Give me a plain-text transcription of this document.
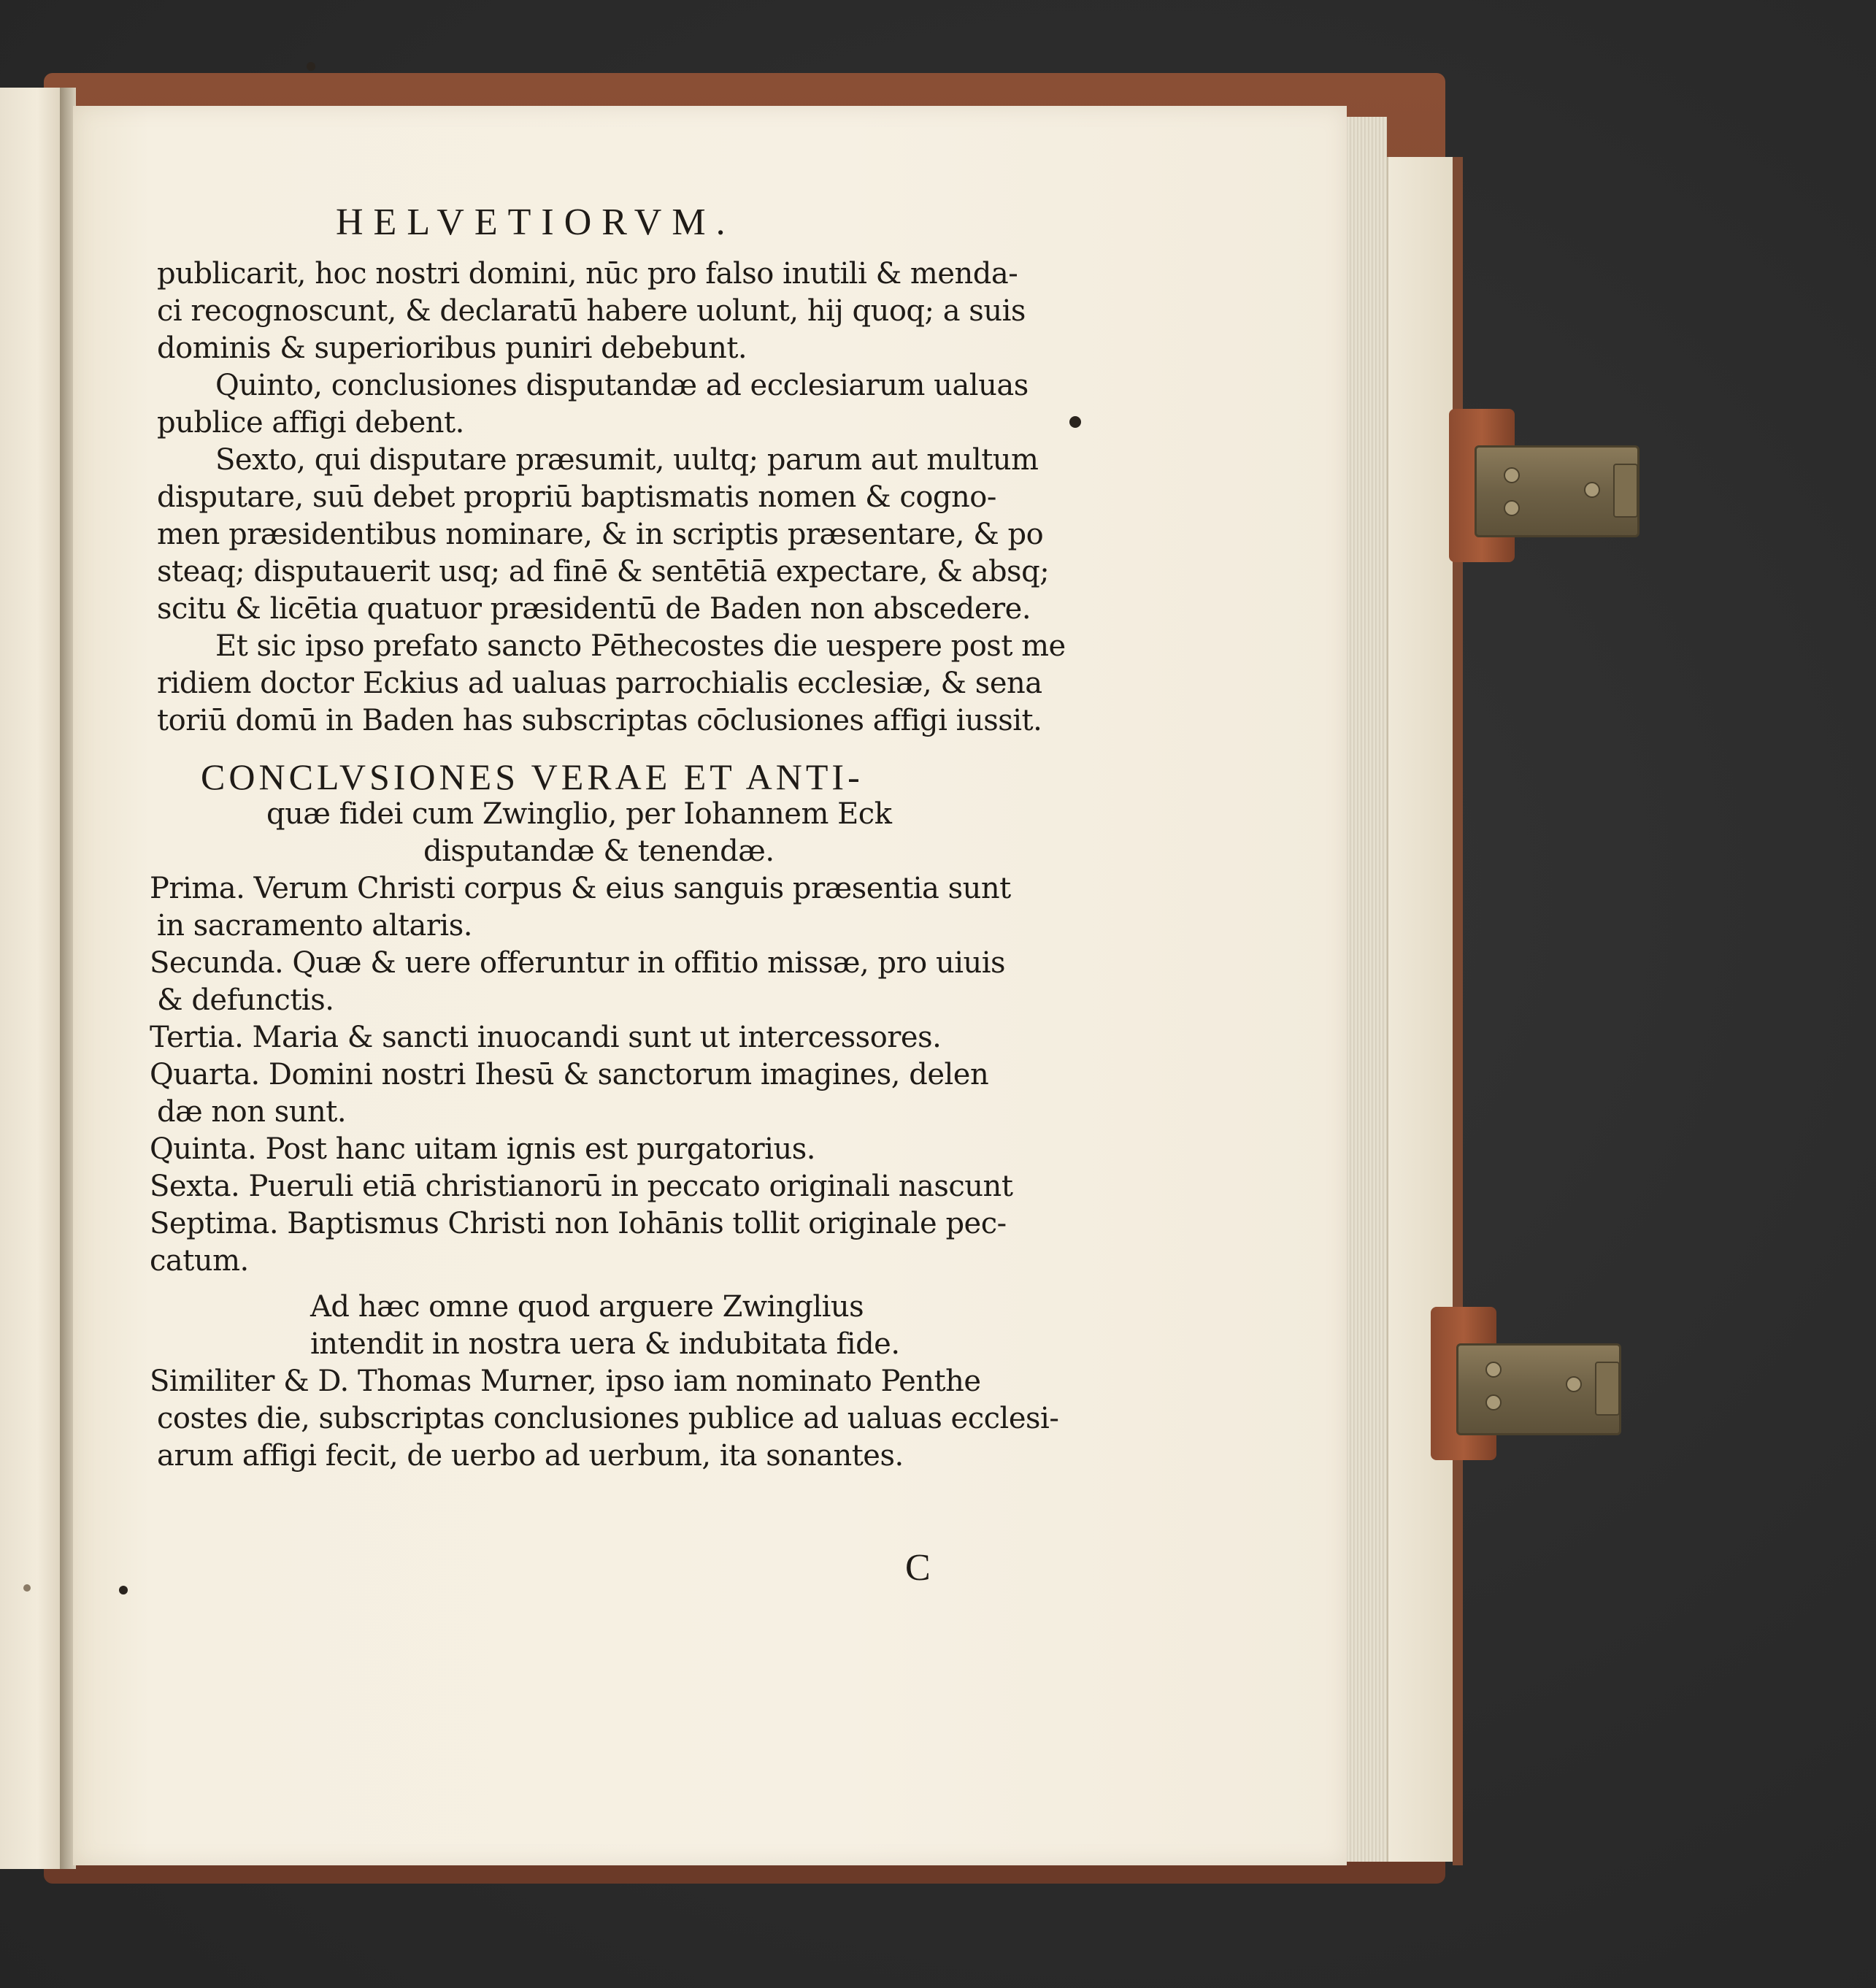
HELVETIORVM.
publicarit, hoc nostri domini, nūc pro falso inutili & menda-
ci recognoscunt, & declaratū habere uolunt, hij quoq; a suis
dominis & superioribus puniri debebunt.
Quinto, conclusiones disputandæ ad ecclesiarum ualuas
publice affigi debent.
Sexto, qui disputare præsumit, uultq; parum aut multum
disputare, suū debet propriū baptismatis nomen & cogno-
men præsidentibus nominare, & in scriptis præsentare, & po
steaq; disputauerit usq; ad finē & sentētiā expectare, & absq;
scitu & licētia quatuor præsidentū de Baden non abscedere.
Et sic ipso prefato sancto Pēthecostes die uespere post me
ridiem doctor Eckius ad ualuas parrochialis ecclesiæ, & sena
toriū domū in Baden has subscriptas cōclusiones affigi iussit.
CONCLVSIONES VERAE ET ANTI-
quæ fidei cum Zwinglio, per Iohannem Eck
disputandæ & tenendæ.
Prima. Verum Christi corpus & eius sanguis præsentia sunt
in sacramento altaris.
Secunda. Quæ & uere offeruntur in offitio missæ, pro uiuis
& defunctis.
Tertia. Maria & sancti inuocandi sunt ut intercessores.
Quarta. Domini nostri Ihesū & sanctorum imagines, delen
dæ non sunt.
Quinta. Post hanc uitam ignis est purgatorius.
Sexta. Pueruli etiā christianorū in peccato originali nascunt
Septima. Baptismus Christi non Iohānis tollit originale pec-
catum.
Ad hæc omne quod arguere Zwinglius
intendit in nostra uera & indubitata fide.
Similiter & D. Thomas Murner, ipso iam nominato Penthe
costes die, subscriptas conclusiones publice ad ualuas ecclesi-
arum affigi fecit, de uerbo ad uerbum, ita sonantes.
C
